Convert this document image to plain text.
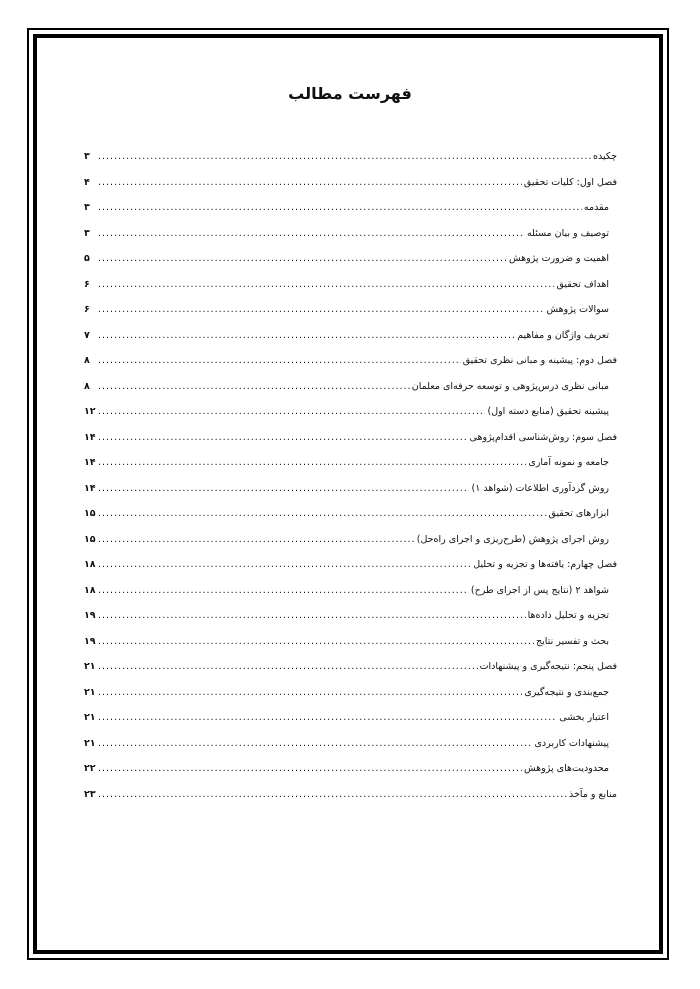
فهرست مطالب
چکیده
.....
۳
فصل اول: کلیات تحقیق
.....
۴
مقدمه
.....
۳
توصیف و بیان مسئله
.....
۳
اهمیت و ضرورت پژوهش
.....
۵
اهداف تحقیق
.....
۶
سوالات پژوهش
.....
۶
تعریف واژگان و مفاهیم
.....
۷
فصل دوم: پیشینه و مبانی نظری تحقیق
.....
۸
مبانی نظری درس‌پژوهی و توسعه حرفه‌ای معلمان
.....
۸
پیشینه تحقیق (منابع دسته اول)
.....
۱۲
فصل سوم: روش‌شناسی اقدام‌پژوهی
.....
۱۴
جامعه و نمونه آماری
.....
۱۴
روش گردآوری اطلاعات (شواهد ۱)
.....
۱۴
ابزارهای تحقیق
.....
۱۵
روش اجرای پژوهش (طرح‌ریزی و اجرای راه‌حل)
.....
۱۵
فصل چهارم: یافته‌ها و تجزیه و تحلیل
.....
۱۸
شواهد ۲ (نتایج پس از اجرای طرح)
.....
۱۸
تجزیه و تحلیل داده‌ها
.....
۱۹
بحث و تفسیر نتایج
.....
۱۹
فصل پنجم: نتیجه‌گیری و پیشنهادات
.....
۲۱
جمع‌بندی و نتیجه‌گیری
.....
۲۱
اعتبار بخشی
.....
۲۱
پیشنهادات کاربردی
.....
۲۱
محدودیت‌های پژوهش
.....
۲۲
منابع و مآخذ
.....
۲۳
